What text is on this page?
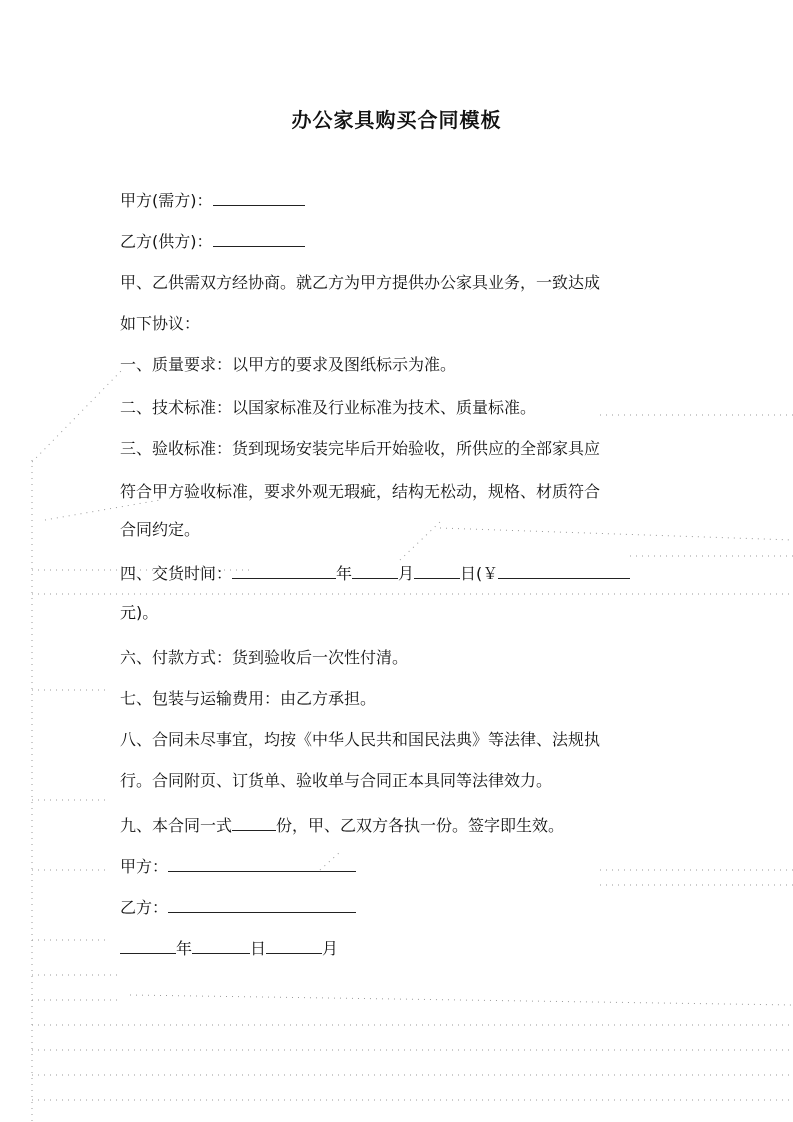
办公家具购买合同模板
甲方(需方)：
乙方(供方)：
甲、乙供需双方经协商。就乙方为甲方提供办公家具业务，一致达成
如下协议：
一、质量要求：以甲方的要求及图纸标示为准。
二、技术标准：以国家标准及行业标准为技术、质量标准。
三、验收标准：货到现场安装完毕后开始验收，所供应的全部家具应
符合甲方验收标准，要求外观无瑕疵，结构无松动，规格、材质符合
合同约定。
四、交货时间：	年	月	日(￥
元)。
六、付款方式：货到验收后一次性付清。
七、包装与运输费用：由乙方承担。
八、合同未尽事宜，均按《中华人民共和国民法典》等法律、法规执
行。合同附页、订货单、验收单与合同正本具同等法律效力。
九、本合同一式	份，甲、乙双方各执一份。签字即生效。
甲方：
乙方：
年	日	月
